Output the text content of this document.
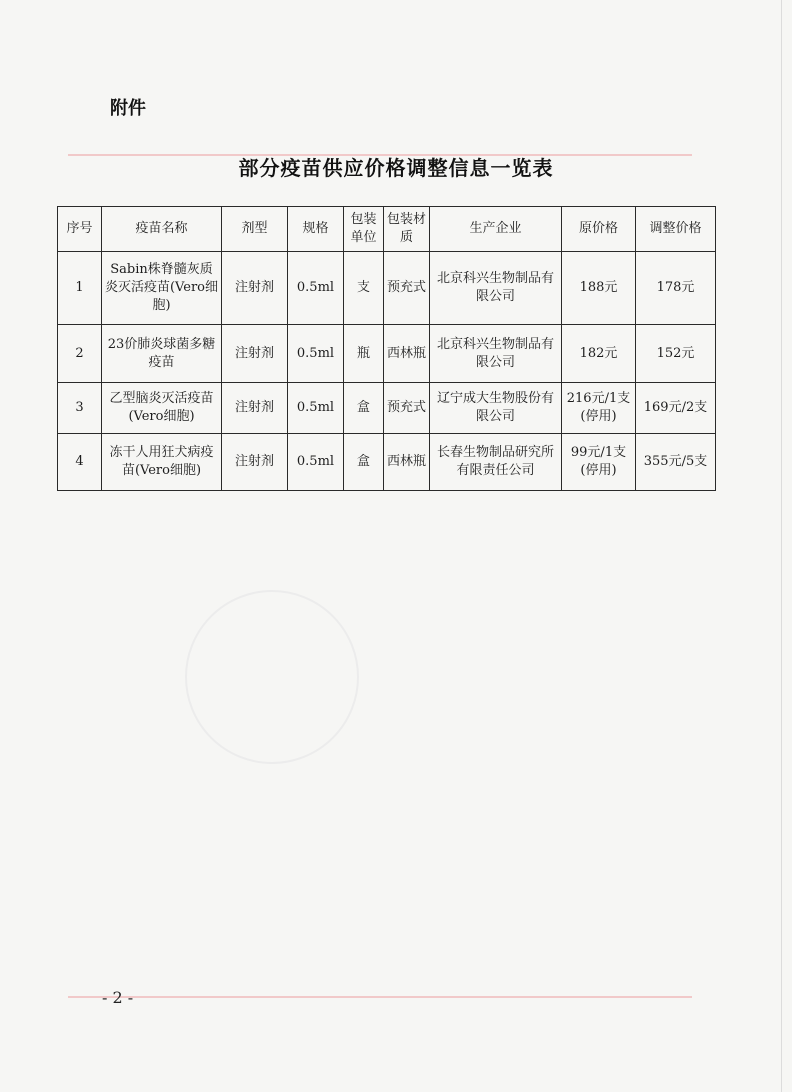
附件
部分疫苗供应价格调整信息一览表
序号	疫苗名称	剂型	规格	包装单位	包装材质	生产企业	原价格	调整价格
1	Sabin株脊髓灰质炎灭活疫苗(Vero细胞)	注射剂	0.5ml	支	预充式	北京科兴生物制品有限公司	188元	178元
2	23价肺炎球菌多糖疫苗	注射剂	0.5ml	瓶	西林瓶	北京科兴生物制品有限公司	182元	152元
3	乙型脑炎灭活疫苗(Vero细胞)	注射剂	0.5ml	盒	预充式	辽宁成大生物股份有限公司	216元/1支(停用)	169元/2支
4	冻干人用狂犬病疫苗(Vero细胞)	注射剂	0.5ml	盒	西林瓶	长春生物制品研究所有限责任公司	99元/1支(停用)	355元/5支
- 2 -
